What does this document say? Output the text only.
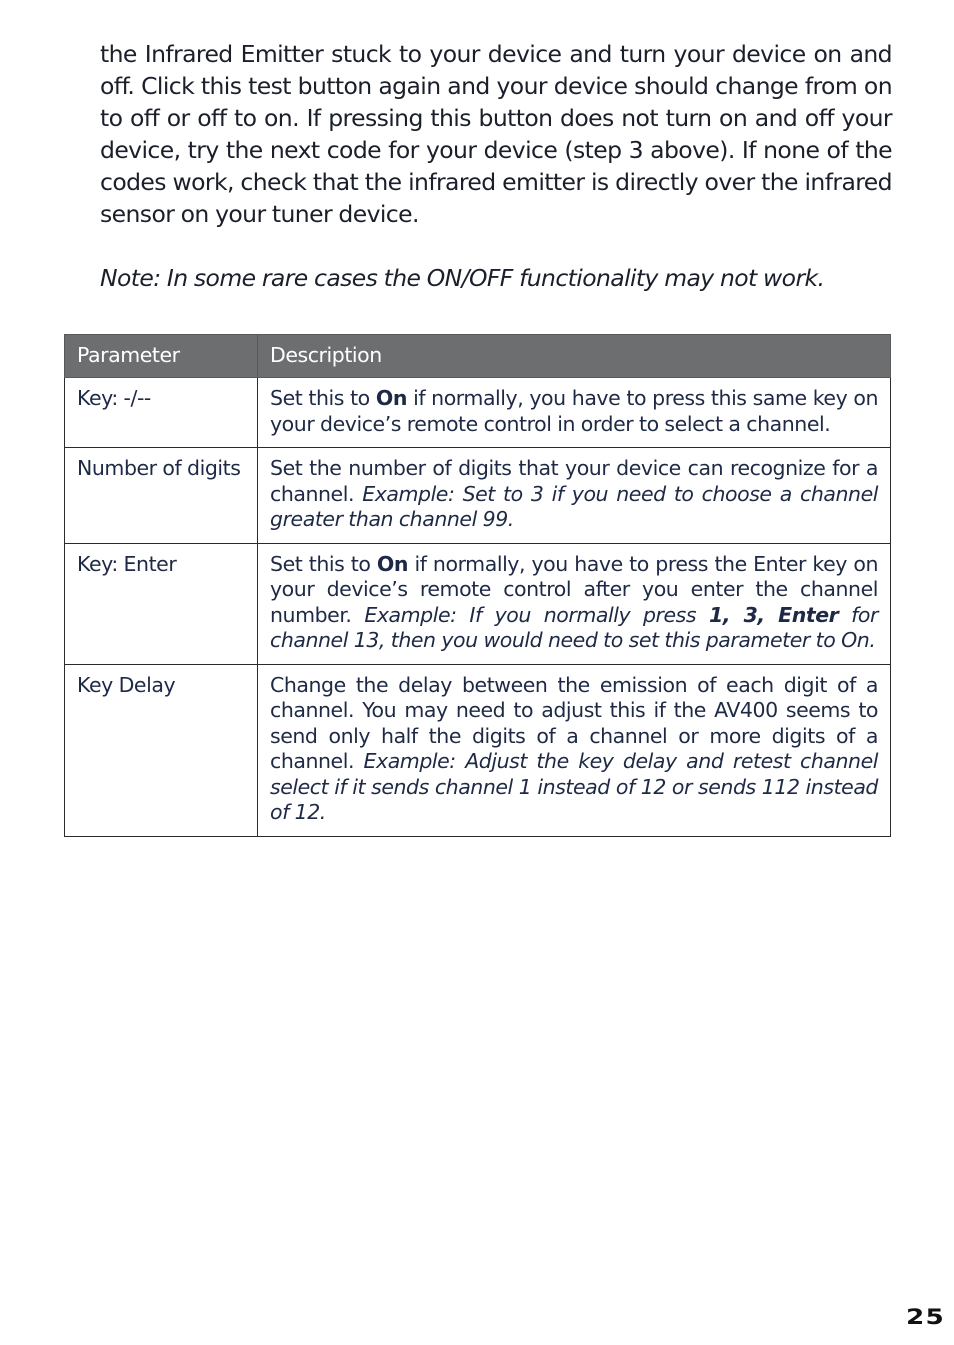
the Infrared Emitter stuck to your device and turn your device on and off. Click this test button again and your device should change from on to off or off to on. If pressing this button does not turn on and off your device, try the next code for your device (step 3 above). If none of the codes work, check that the infrared emitter is directly over the infrared sensor on your tuner device.

Note: In some rare cases the ON/OFF functionality may not work.

Parameter	Description
Key: -/--	Set this to On if normally, you have to press this same key on your device’s remote control in order to select a channel.
Number of digits	Set the number of digits that your device can recognize for a channel. Example: Set to 3 if you need to choose a channel greater than channel 99.
Key: Enter	Set this to On if normally, you have to press the Enter key on your device’s remote control after you enter the channel number. Example: If you normally press 1, 3, Enter for channel 13, then you would need to set this parameter to On.
Key Delay	Change the delay between the emission of each digit of a channel. You may need to adjust this if the AV400 seems to send only half the digits of a channel or more digits of a channel. Example: Adjust the key delay and retest channel select if it sends channel 1 instead of 12 or sends 112 instead of 12.
25
